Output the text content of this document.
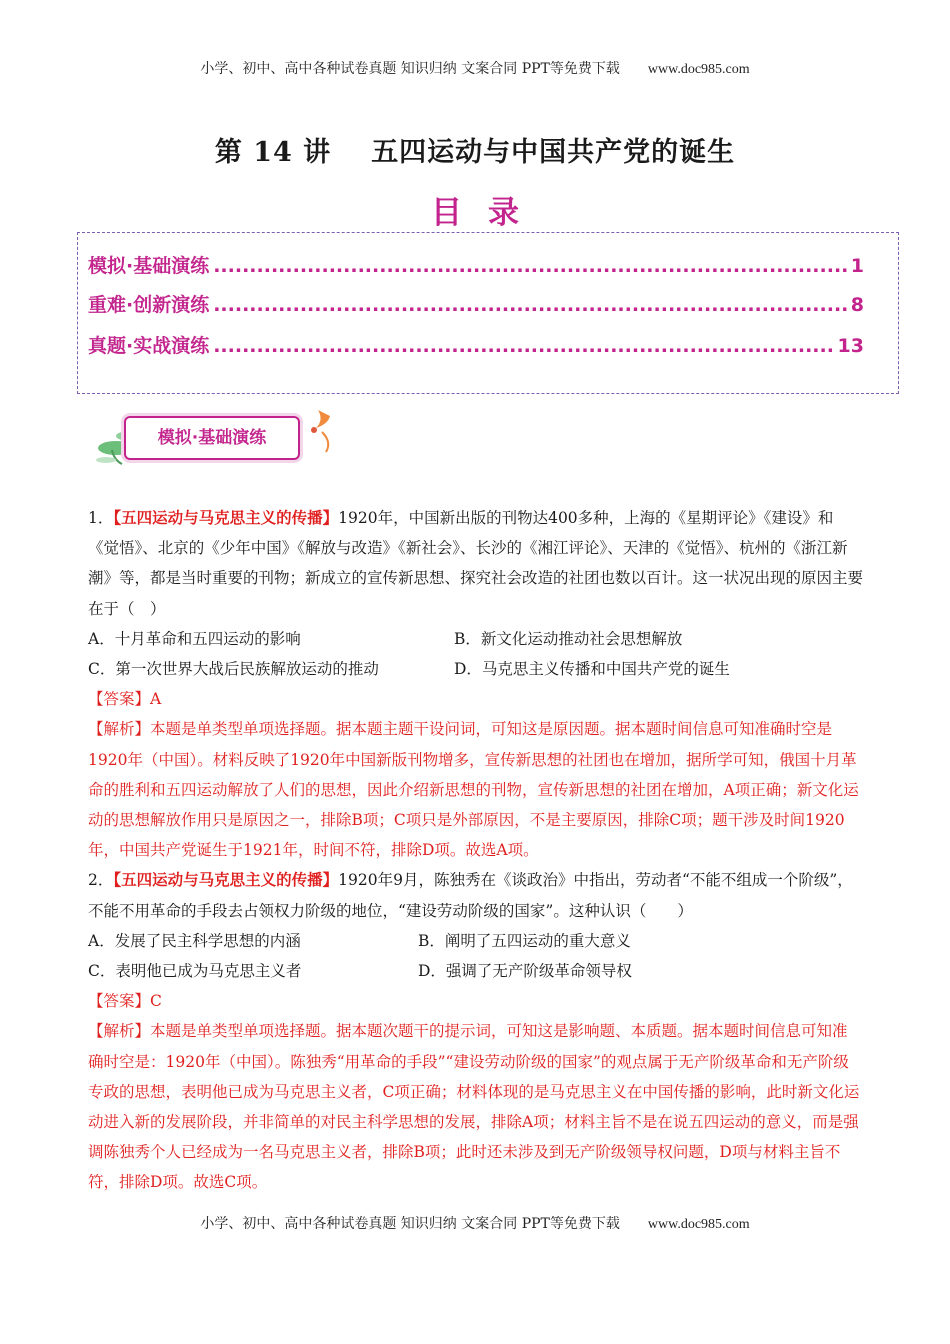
小学、初中、高中各种试卷真题 知识归纳 文案合同 PPT等免费下载 www.doc985.com
第 14 讲 五四运动与中国共产党的诞生
目录
模拟·基础演练 .....	1
重难·创新演练 .....	8
真题·实战演练 .....	13
模拟·基础演练

1．【五四运动与马克思主义的传播】1920年，中国新出版的刊物达400多种，上海的《星期评论》《建设》和《觉悟》、北京的《少年中国》《解放与改造》《新社会》、长沙的《湘江评论》、天津的《觉悟》、杭州的《浙江新潮》等，都是当时重要的刊物；新成立的宣传新思想、探究社会改造的社团也数以百计。这一状况出现的原因主要在于（　）

A．十月革命和五四运动的影响	B．新文化运动推动社会思想解放
C．第一次世界大战后民族解放运动的推动	D．马克思主义传播和中国共产党的诞生

【答案】A

【解析】本题是单类型单项选择题。据本题主题干设问词，可知这是原因题。据本题时间信息可知准确时空是1920年（中国）。材料反映了1920年中国新版刊物增多，宣传新思想的社团也在增加，据所学可知，俄国十月革命的胜利和五四运动解放了人们的思想，因此介绍新思想的刊物，宣传新思想的社团在增加，A项正确；新文化运动的思想解放作用只是原因之一，排除B项；C项只是外部原因，不是主要原因，排除C项；题干涉及时间1920年，中国共产党诞生于1921年，时间不符，排除D项。故选A项。

2．【五四运动与马克思主义的传播】1920年9月，陈独秀在《谈政治》中指出，劳动者“不能不组成一个阶级”，不能不用革命的手段去占领权力阶级的地位，“建设劳动阶级的国家”。这种认识（　　）

A．发展了民主科学思想的内涵	B．阐明了五四运动的重大意义
C．表明他已成为马克思主义者	D．强调了无产阶级革命领导权

【答案】C

【解析】本题是单类型单项选择题。据本题次题干的提示词，可知这是影响题、本质题。据本题时间信息可知准确时空是：1920年（中国）。陈独秀“用革命的手段”“建设劳动阶级的国家”的观点属于无产阶级革命和无产阶级专政的思想，表明他已成为马克思主义者，C项正确；材料体现的是马克思主义在中国传播的影响，此时新文化运动进入新的发展阶段，并非简单的对民主科学思想的发展，排除A项；材料主旨不是在说五四运动的意义，而是强调陈独秀个人已经成为一名马克思主义者，排除B项；此时还未涉及到无产阶级领导权问题，D项与材料主旨不符，排除D项。故选C项。

小学、初中、高中各种试卷真题 知识归纳 文案合同 PPT等免费下载 www.doc985.com
